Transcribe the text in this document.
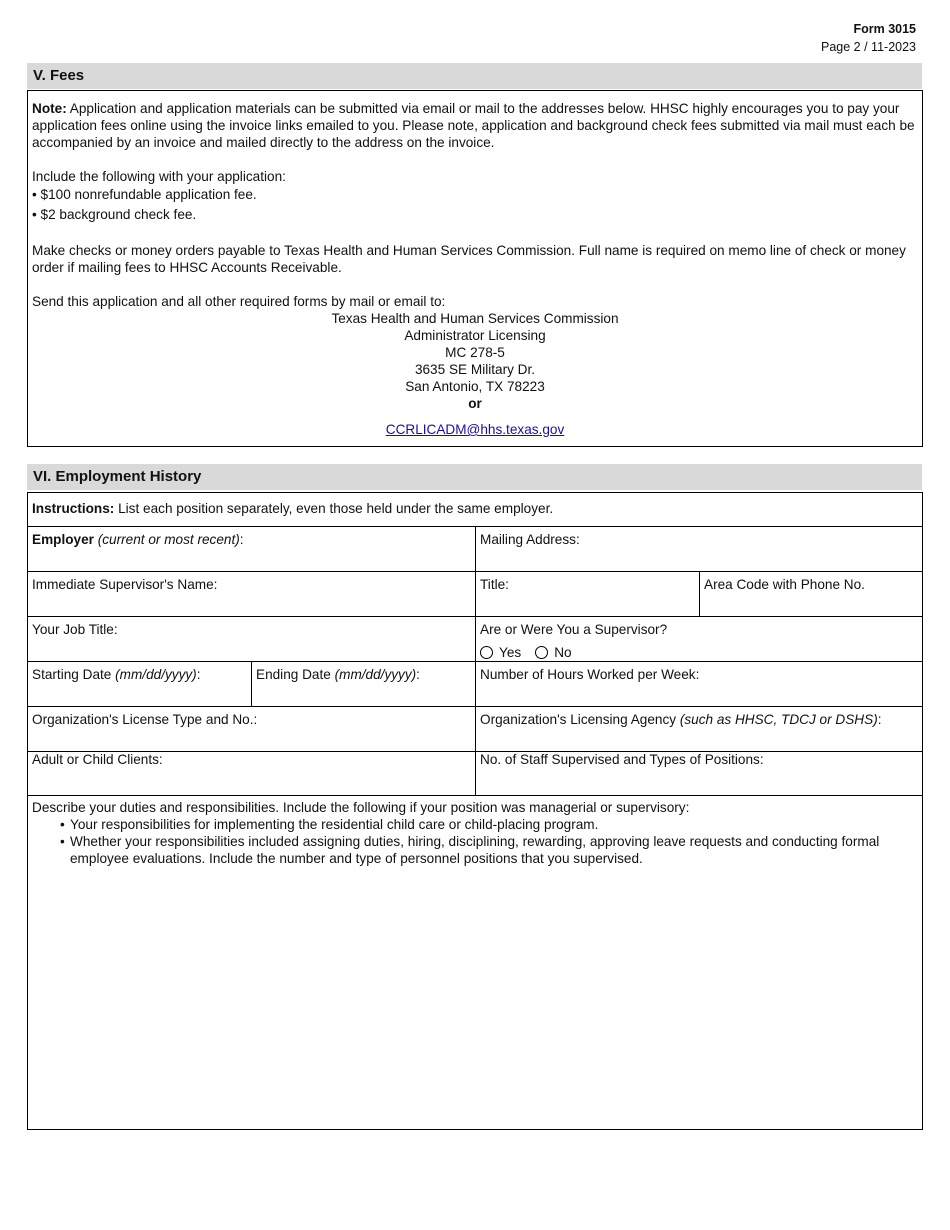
Form 3015
Page 2 / 11-2023
V. Fees

Note: Application and application materials can be submitted via email or mail to the addresses below. HHSC highly encourages you to pay your application fees online using the invoice links emailed to you. Please note, application and background check fees submitted via mail must each be accompanied by an invoice and mailed directly to the address on the invoice.

Include the following with your application:

• $100 nonrefundable application fee.

• $2 background check fee.

Make checks or money orders payable to Texas Health and Human Services Commission. Full name is required on memo line of check or money order if mailing fees to HHSC Accounts Receivable.

Send this application and all other required forms by mail or email to:

Texas Health and Human Services Commission

Administrator Licensing

MC 278-5

3635 SE Military Dr.

San Antonio, TX 78223

or

CCRLICADM@hhs.texas.gov

VI. Employment History
Instructions: List each position separately, even those held under the same employer.
Employer (current or most recent):	Mailing Address:
Immediate Supervisor's Name:	Title:	Area Code with Phone No.
Your Job Title:	Are or Were You a Supervisor?
Yes No
Starting Date (mm/dd/yyyy):	Ending Date (mm/dd/yyyy):	Number of Hours Worked per Week:
Organization's License Type and No.:	Organization's Licensing Agency (such as HHSC, TDCJ or DSHS):
Adult or Child Clients:	No. of Staff Supervised and Types of Positions:
Describe your duties and responsibilities. Include the following if your position was managerial or supervisory:
• Your responsibilities for implementing the residential child care or child-placing program.
• Whether your responsibilities included assigning duties, hiring, disciplining, rewarding, approving leave requests and conducting formal employee evaluations. Include the number and type of personnel positions that you supervised.
